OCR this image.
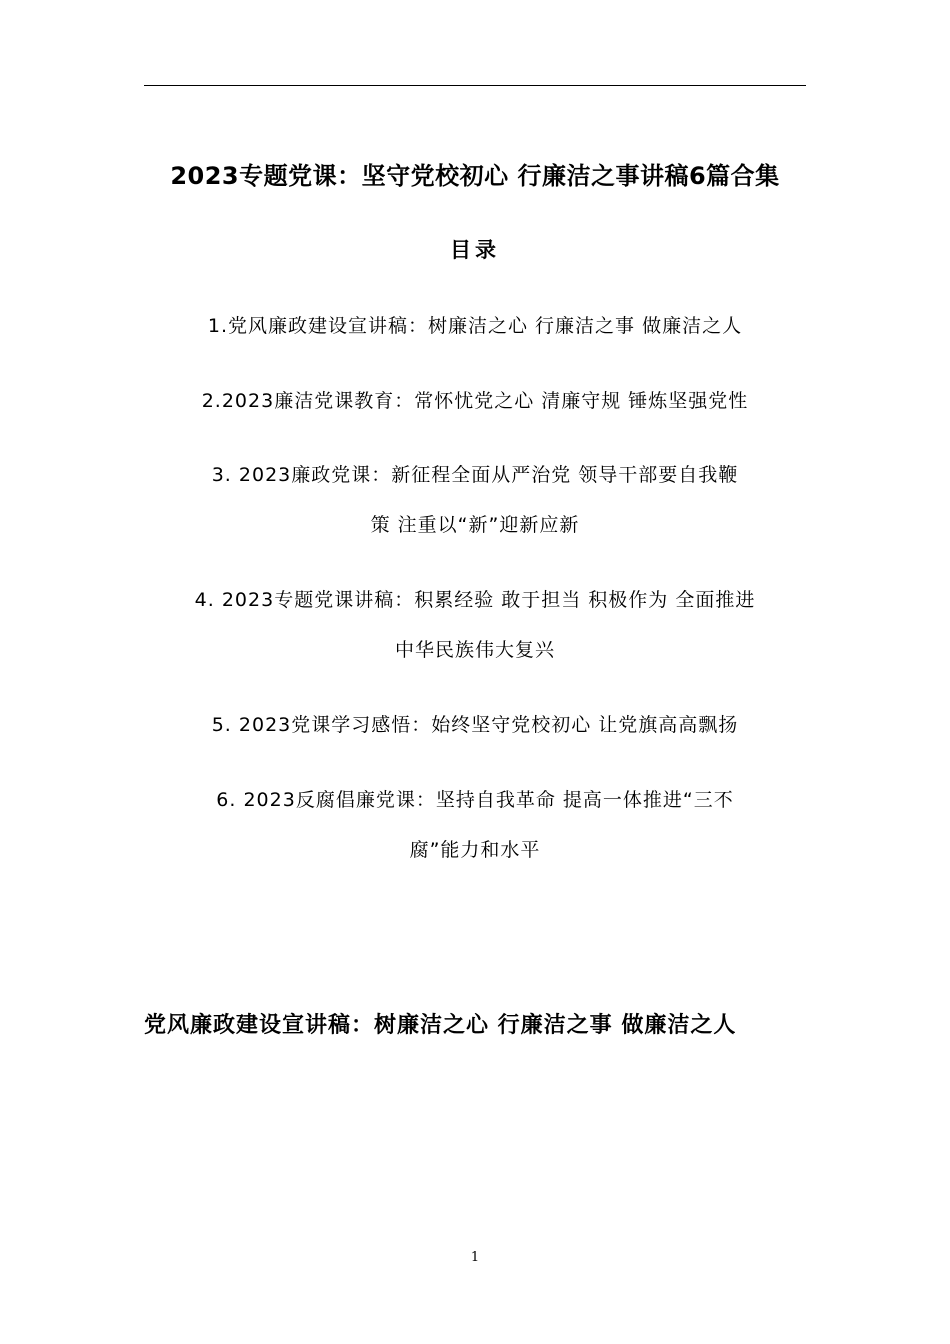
2023专题党课：坚守党校初心 行廉洁之事讲稿6篇合集
目录
1.党风廉政建设宣讲稿：树廉洁之心 行廉洁之事 做廉洁之人
2.2023廉洁党课教育：常怀忧党之心 清廉守规 锤炼坚强党性
3. 2023廉政党课：新征程全面从严治党 领导干部要自我鞭
策 注重以“新”迎新应新
4. 2023专题党课讲稿：积累经验 敢于担当 积极作为 全面推进
中华民族伟大复兴
5. 2023党课学习感悟：始终坚守党校初心 让党旗高高飘扬
6. 2023反腐倡廉党课：坚持自我革命 提高一体推进“三不
腐”能力和水平
党风廉政建设宣讲稿：树廉洁之心 行廉洁之事 做廉洁之人
1
